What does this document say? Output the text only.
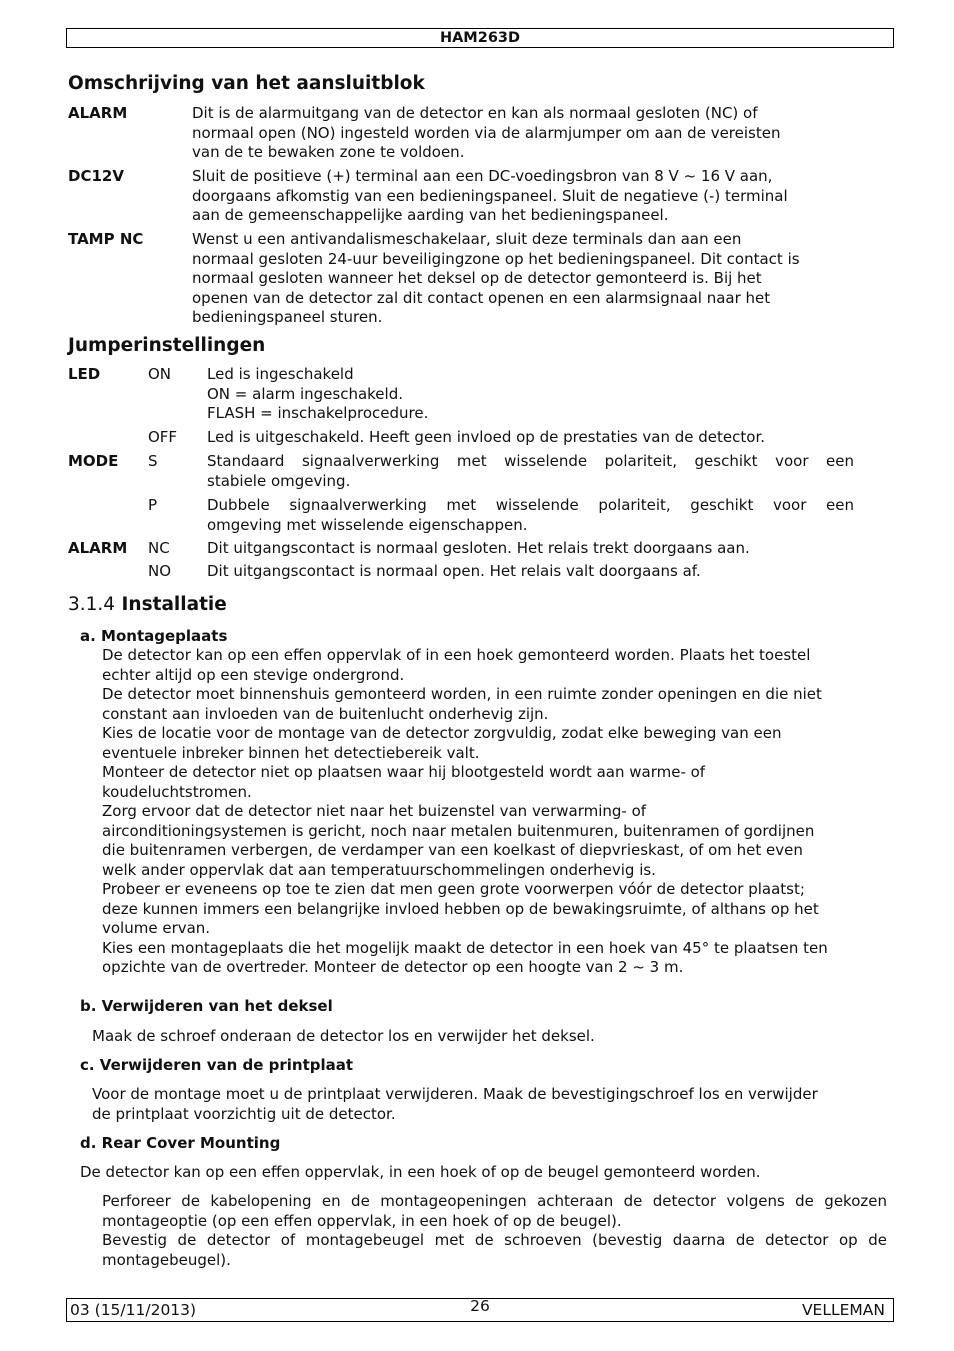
HAM263D
Omschrijving van het aansluitblok
ALARM	Dit is de alarmuitgang van de detector en kan als normaal gesloten (NC) of
normaal open (NO) ingesteld worden via de alarmjumper om aan de vereisten
van de te bewaken zone te voldoen.
DC12V	Sluit de positieve (+) terminal aan een DC-voedingsbron van 8 V ~ 16 V aan,
doorgaans afkomstig van een bedieningspaneel. Sluit de negatieve (-) terminal
aan de gemeenschappelijke aarding van het bedieningspaneel.
TAMP NC	Wenst u een antivandalismeschakelaar, sluit deze terminals dan aan een
normaal gesloten 24-uur beveiligingzone op het bedieningspaneel. Dit contact is
normaal gesloten wanneer het deksel op de detector gemonteerd is. Bij het
openen van de detector zal dit contact openen en een alarmsignaal naar het
bedieningspaneel sturen.
Jumperinstellingen
LED	ON Led is ingeschakeld
ON = alarm ingeschakeld.
FLASH = inschakelprocedure.
OFF Led is uitgeschakeld. Heeft geen invloed op de prestaties van de detector.
MODE S	Standaard signaalverwerking met wisselende polariteit, geschikt voor een
stabiele omgeving.
P	Dubbele signaalverwerking met wisselende polariteit, geschikt voor een
omgeving met wisselende eigenschappen.
ALARM NC Dit uitgangscontact is normaal gesloten. Het relais trekt doorgaans aan.
NO Dit uitgangscontact is normaal open. Het relais valt doorgaans af.
3.1.4 Installatie
a. Montageplaats
De detector kan op een effen oppervlak of in een hoek gemonteerd worden. Plaats het toestel
echter altijd op een stevige ondergrond.
De detector moet binnenshuis gemonteerd worden, in een ruimte zonder openingen en die niet
constant aan invloeden van de buitenlucht onderhevig zijn.
Kies de locatie voor de montage van de detector zorgvuldig, zodat elke beweging van een
eventuele inbreker binnen het detectiebereik valt.
Monteer de detector niet op plaatsen waar hij blootgesteld wordt aan warme- of
koudeluchtstromen.
Zorg ervoor dat de detector niet naar het buizenstel van verwarming- of
airconditioningsystemen is gericht, noch naar metalen buitenmuren, buitenramen of gordijnen
die buitenramen verbergen, de verdamper van een koelkast of diepvrieskast, of om het even
welk ander oppervlak dat aan temperatuurschommelingen onderhevig is.
Probeer er eveneens op toe te zien dat men geen grote voorwerpen vóór de detector plaatst;
deze kunnen immers een belangrijke invloed hebben op de bewakingsruimte, of althans op het
volume ervan.
Kies een montageplaats die het mogelijk maakt de detector in een hoek van 45° te plaatsen ten
opzichte van de overtreder. Monteer de detector op een hoogte van 2 ~ 3 m.
b. Verwijderen van het deksel
Maak de schroef onderaan de detector los en verwijder het deksel.
c. Verwijderen van de printplaat
Voor de montage moet u de printplaat verwijderen. Maak de bevestigingschroef los en verwijder
de printplaat voorzichtig uit de detector.
d. Rear Cover Mounting
De detector kan op een effen oppervlak, in een hoek of op de beugel gemonteerd worden.
Perforeer de kabelopening en de montageopeningen achteraan de detector volgens de gekozen
montageoptie (op een effen oppervlak, in een hoek of op de beugel).
Bevestig de detector of montagebeugel met de schroeven (bevestig daarna de detector op de
montagebeugel).
03 (15/11/2013)	26	VELLEMAN
